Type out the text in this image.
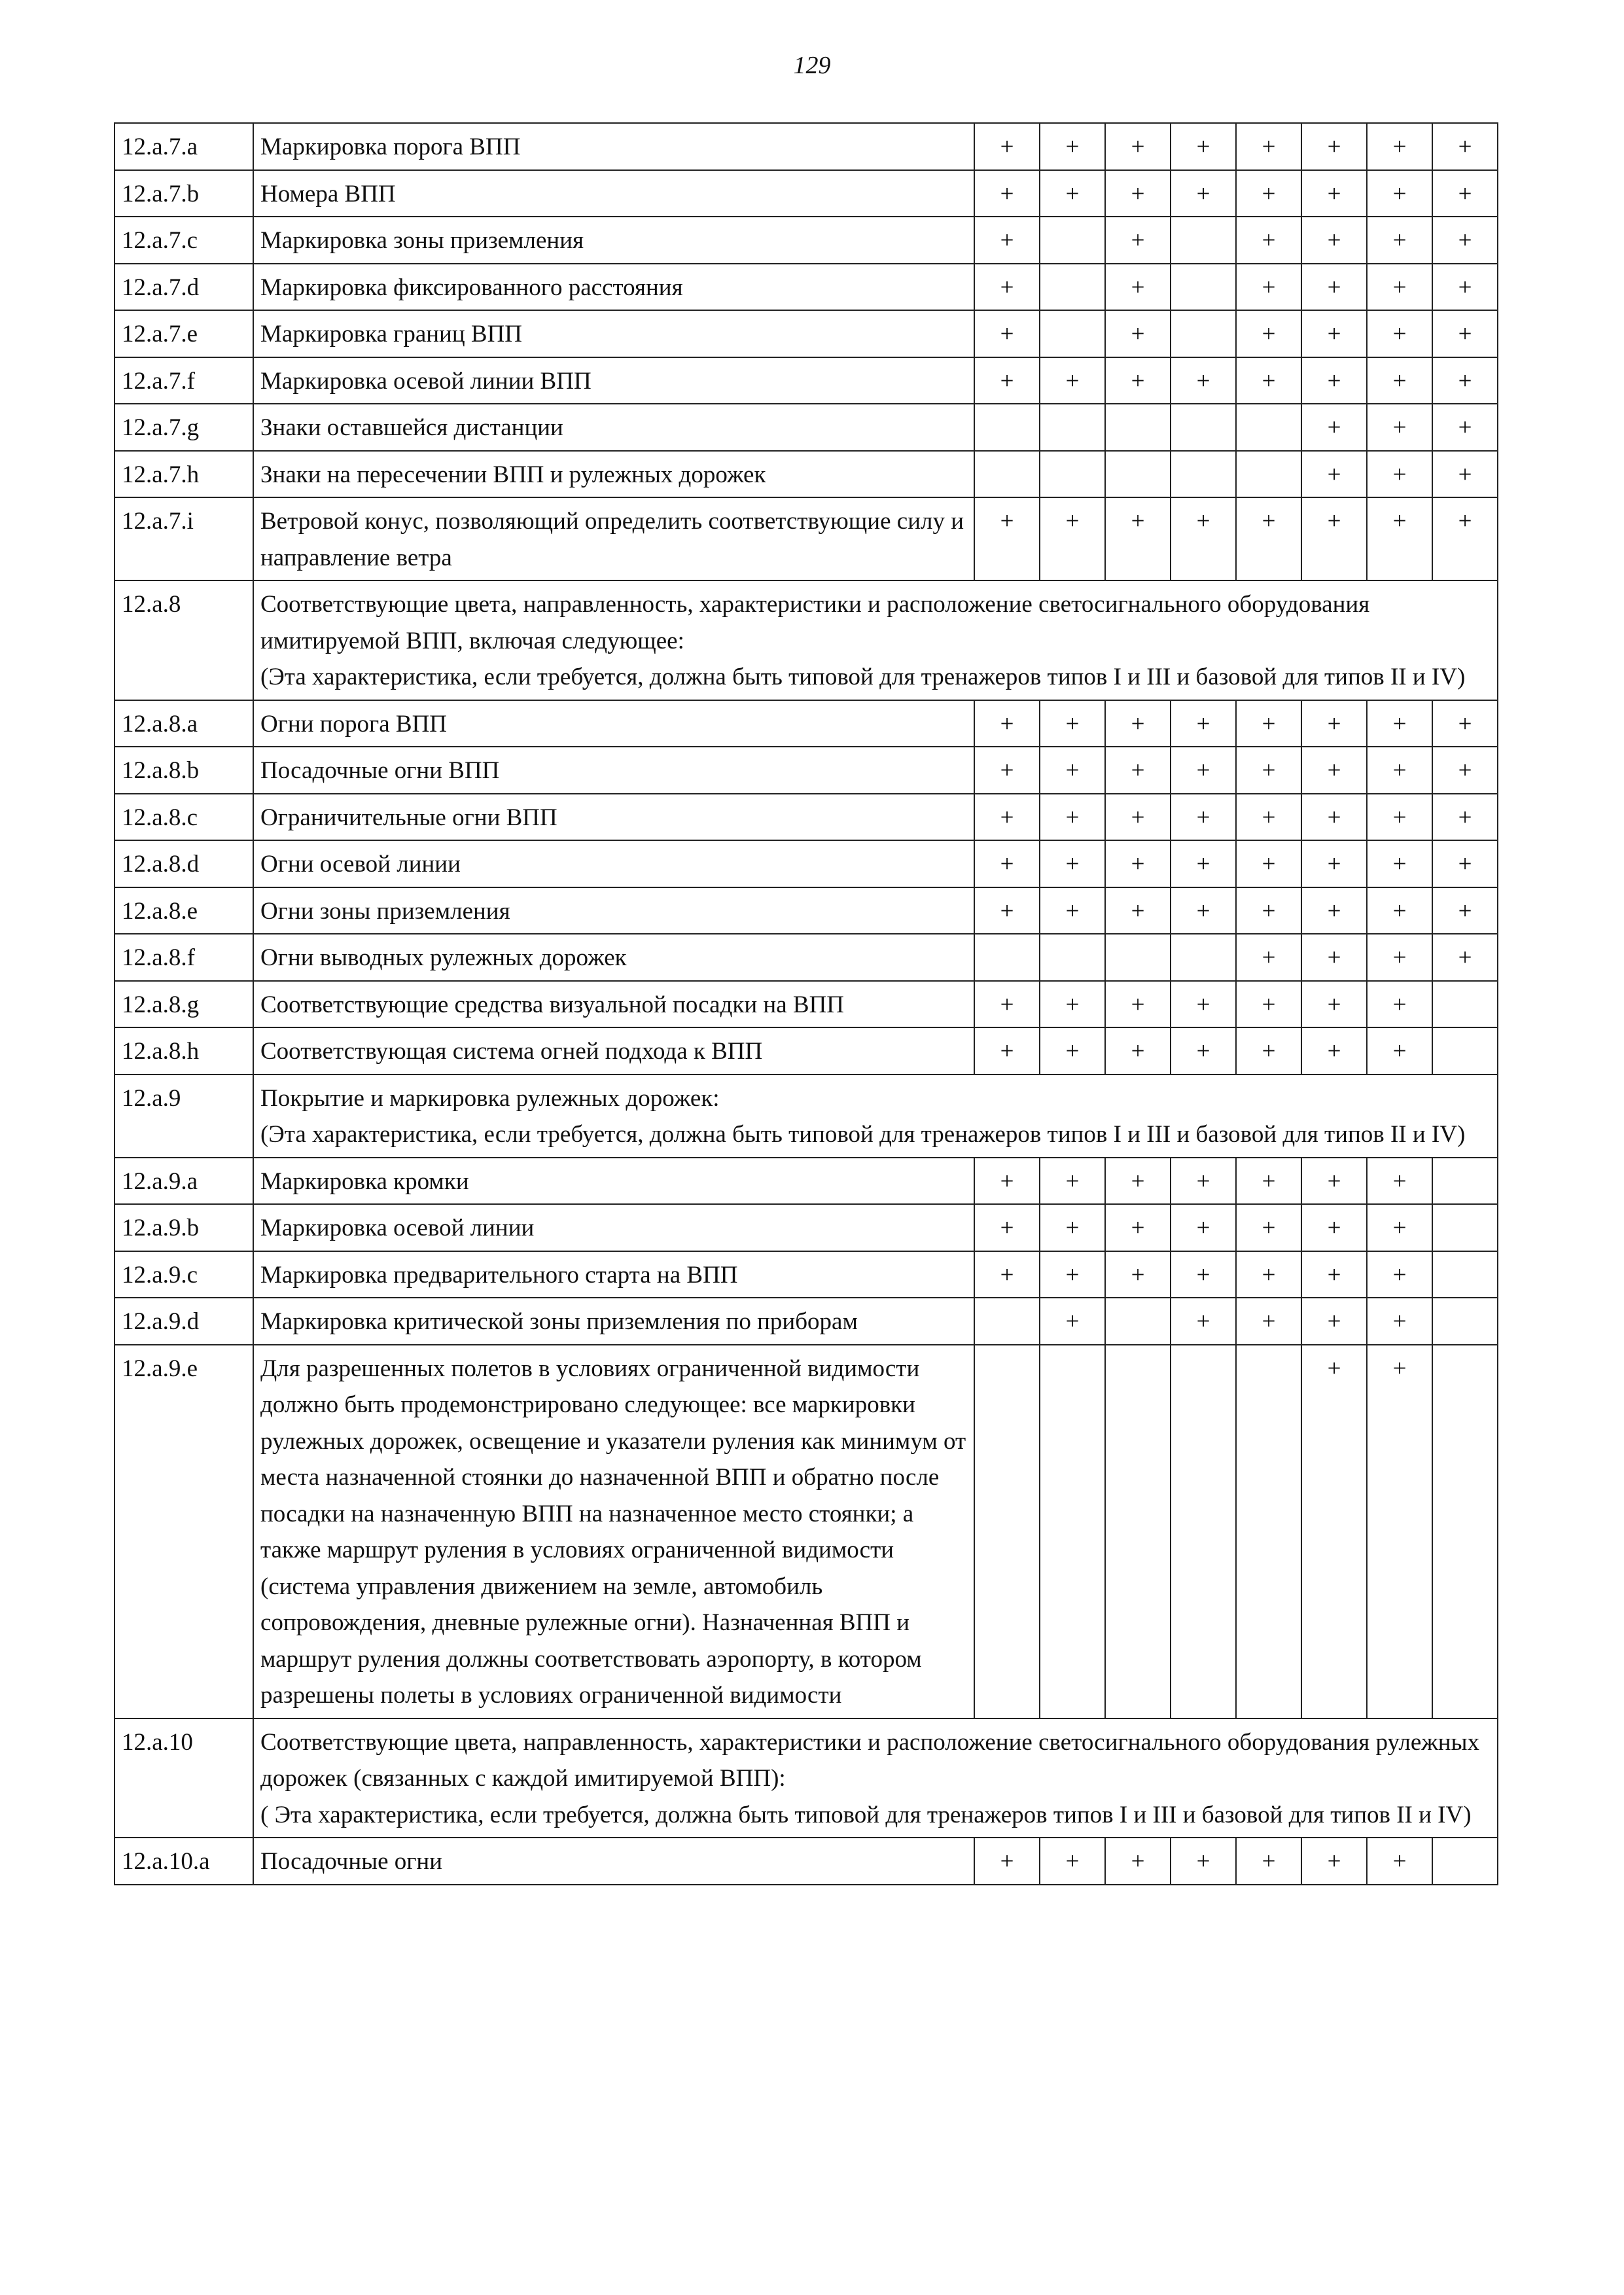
129
12.a.7.a	Маркировка порога ВПП	+	+	+	+	+	+	+	+
12.a.7.b	Номера ВПП	+	+	+	+	+	+	+	+
12.a.7.c	Маркировка зоны приземления	+		+		+	+	+	+
12.a.7.d	Маркировка фиксированного расстояния	+		+		+	+	+	+
12.a.7.e	Маркировка границ ВПП	+		+		+	+	+	+
12.a.7.f	Маркировка осевой линии ВПП	+	+	+	+	+	+	+	+
12.a.7.g	Знаки оставшейся дистанции						+	+	+
12.a.7.h	Знаки на пересечении ВПП и рулежных дорожек						+	+	+
12.a.7.i	Ветровой конус, позволяющий определить соответствующие силу и направление ветра	+	+	+	+	+	+	+	+
12.a.8	Соответствующие цвета, направленность, характеристики и расположение светосигнального оборудования имитируемой ВПП, включая следующее:
(Эта характеристика, если требуется, должна быть типовой для тренажеров типов I и III и базовой для типов II и IV)								

12.a.8.a	Огни порога ВПП	+	+	+	+	+	+	+	+
12.a.8.b	Посадочные огни ВПП	+	+	+	+	+	+	+	+
12.a.8.c	Ограничительные огни ВПП	+	+	+	+	+	+	+	+
12.a.8.d	Огни осевой линии	+	+	+	+	+	+	+	+
12.a.8.e	Огни зоны приземления	+	+	+	+	+	+	+	+
12.a.8.f	Огни выводных рулежных дорожек					+	+	+	+
12.a.8.g	Соответствующие средства визуальной посадки на ВПП	+	+	+	+	+	+	+	
12.a.8.h	Соответствующая система огней подхода к ВПП	+	+	+	+	+	+	+	
12.a.9	Покрытие и маркировка рулежных дорожек:
(Эта характеристика, если требуется, должна быть типовой для тренажеров типов I и III и базовой для типов II и IV)								

12.a.9.a	Маркировка кромки	+	+	+	+	+	+	+	
12.a.9.b	Маркировка осевой линии	+	+	+	+	+	+	+	
12.a.9.c	Маркировка предварительного старта на ВПП	+	+	+	+	+	+	+	
12.a.9.d	Маркировка критической зоны приземления по приборам		+		+	+	+	+	
12.a.9.e	Для разрешенных полетов в условиях ограниченной видимости должно быть продемонстрировано следующее: все маркировки рулежных дорожек, освещение и указатели руления как минимум от места назначенной стоянки до назначенной ВПП и обратно после посадки на назначенную ВПП на назначенное место стоянки; а также маршрут руления в условиях ограниченной видимости (система управления движением на земле, автомобиль сопровождения, дневные рулежные огни). Назначенная ВПП и маршрут руления должны соответствовать аэропорту, в котором разрешены полеты в условиях ограниченной видимости						+	+	
12.a.10	Соответствующие цвета, направленность, характеристики и расположение светосигнального оборудования рулежных дорожек (связанных с каждой имитируемой ВПП):
( Эта характеристика, если требуется, должна быть типовой для тренажеров типов I и III и базовой для типов II и IV)								

12.a.10.a	Посадочные огни	+	+	+	+	+	+	+	
